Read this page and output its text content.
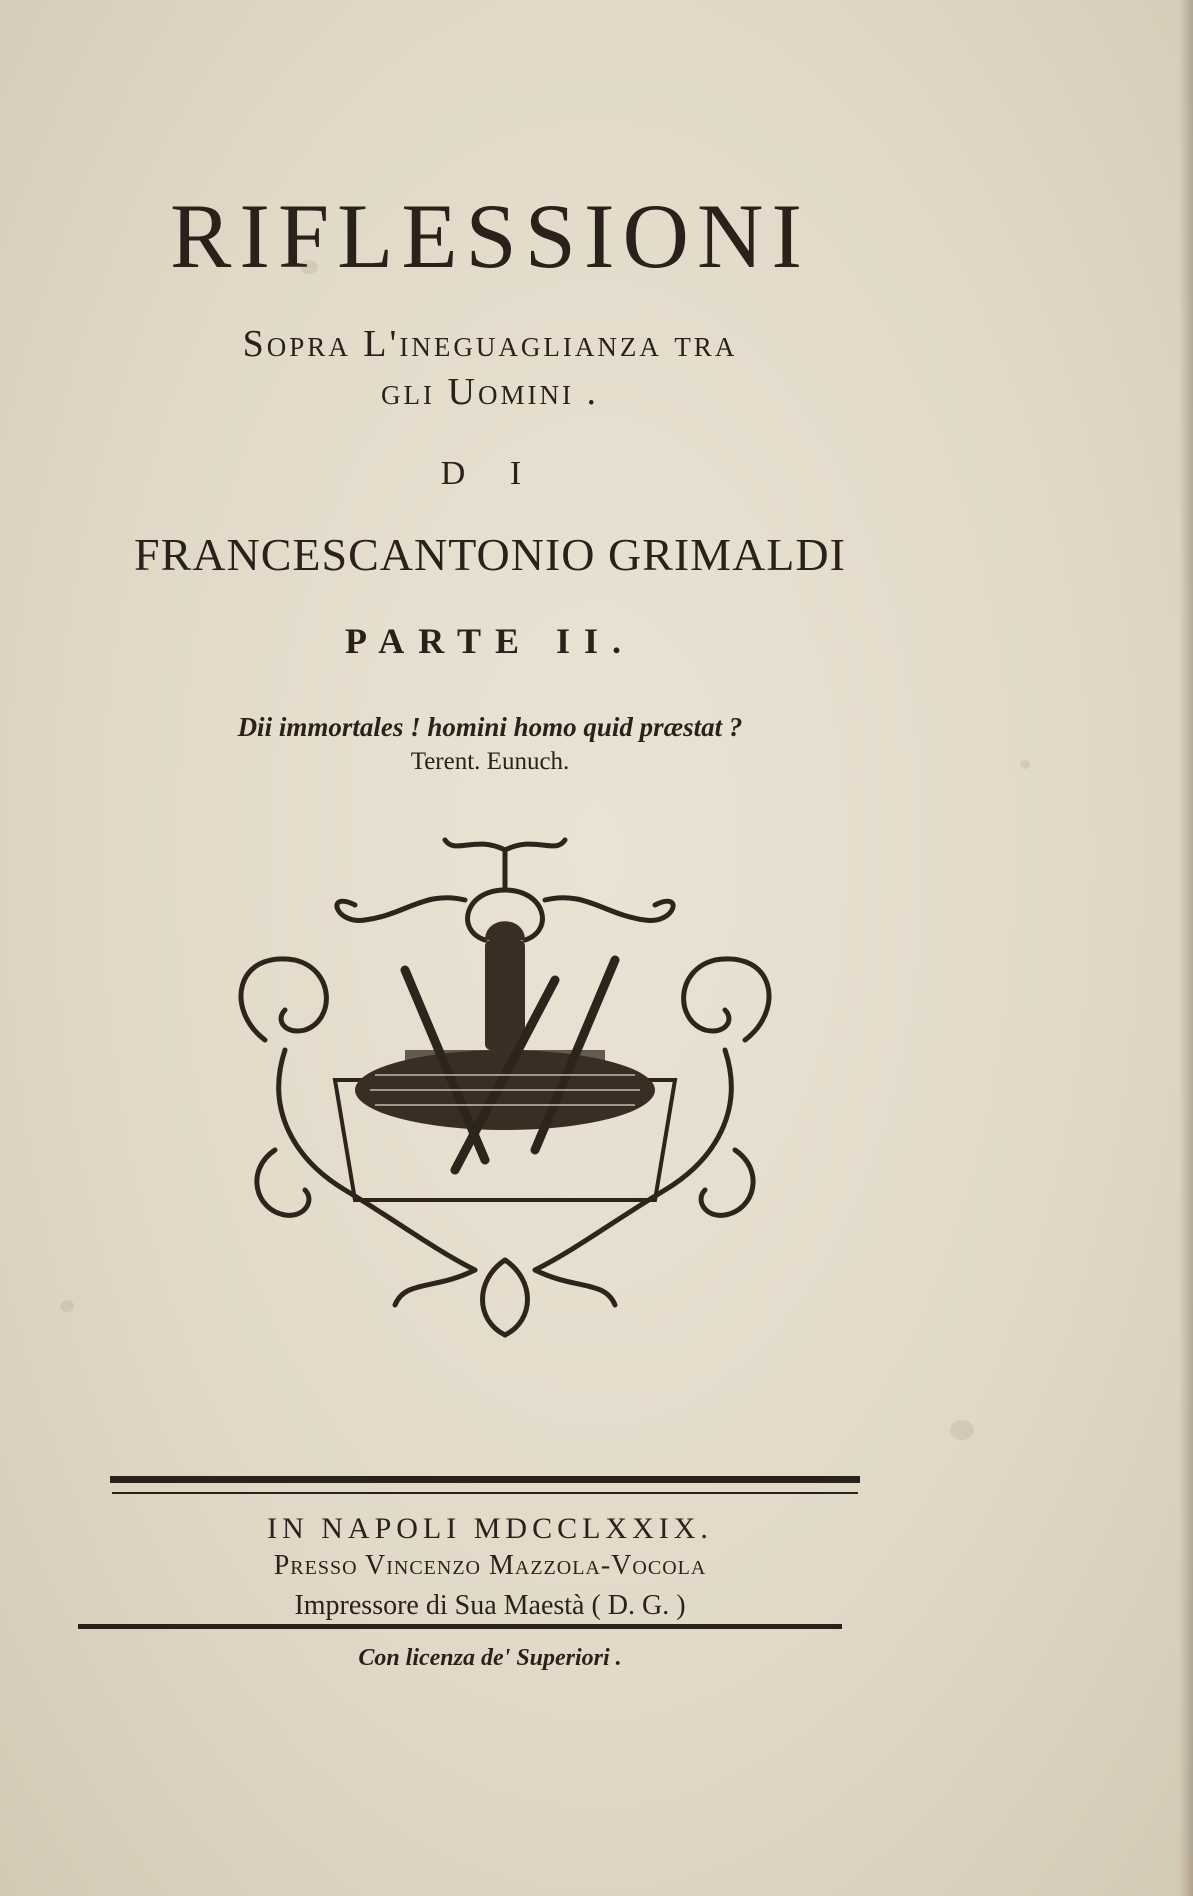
RIFLESSIONI
Sopra L'ineguaglianza tra
gli Uomini .
D I
FRANCESCANTONIO GRIMALDI
PARTE II.
Dii immortales ! homini homo quid præstat ?
Terent. Eunuch.
IN NAPOLI MDCCLXXIX.
Presso Vincenzo Mazzola-Vocola
Impressore di Sua Maestà ( D. G. )
Con licenza de' Superiori .
